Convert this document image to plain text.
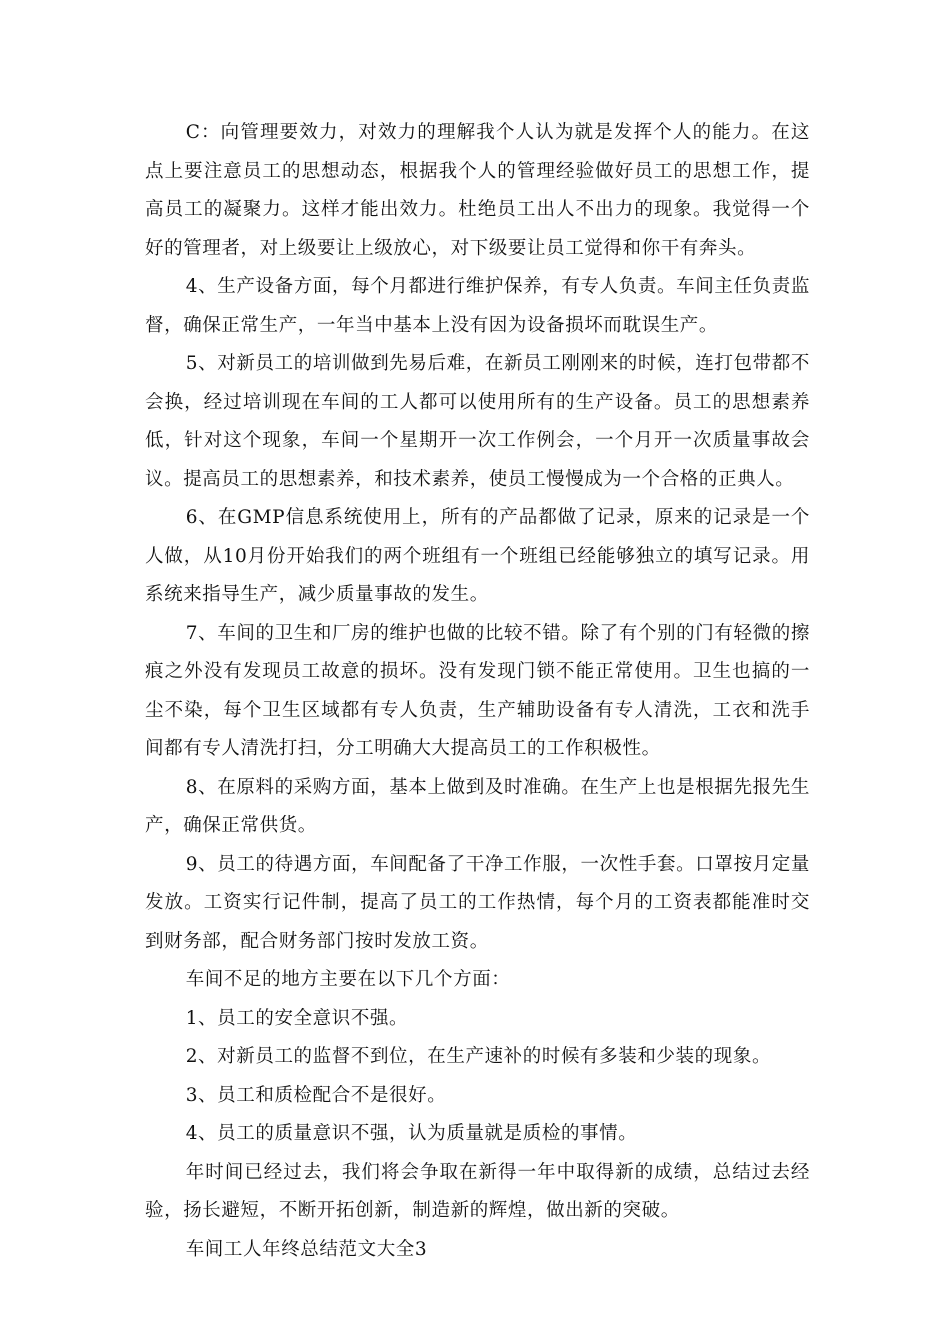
C：向管理要效力，对效力的理解我个人认为就是发挥个人的能力。在这点上要注意员工的思想动态，根据我个人的管理经验做好员工的思想工作，提高员工的凝聚力。这样才能出效力。杜绝员工出人不出力的现象。我觉得一个好的管理者，对上级要让上级放心，对下级要让员工觉得和你干有奔头。

4、生产设备方面，每个月都进行维护保养，有专人负责。车间主任负责监督，确保正常生产，一年当中基本上没有因为设备损坏而耽误生产。

5、对新员工的培训做到先易后难，在新员工刚刚来的时候，连打包带都不会换，经过培训现在车间的工人都可以使用所有的生产设备。员工的思想素养低，针对这个现象，车间一个星期开一次工作例会，一个月开一次质量事故会议。提高员工的思想素养，和技术素养，使员工慢慢成为一个合格的正典人。

6、在GMP信息系统使用上，所有的产品都做了记录，原来的记录是一个人做，从10月份开始我们的两个班组有一个班组已经能够独立的填写记录。用系统来指导生产，减少质量事故的发生。

7、车间的卫生和厂房的维护也做的比较不错。除了有个别的门有轻微的擦痕之外没有发现员工故意的损坏。没有发现门锁不能正常使用。卫生也搞的一尘不染，每个卫生区域都有专人负责，生产辅助设备有专人清洗，工衣和洗手间都有专人清洗打扫，分工明确大大提高员工的工作积极性。

8、在原料的采购方面，基本上做到及时准确。在生产上也是根据先报先生产，确保正常供货。

9、员工的待遇方面，车间配备了干净工作服，一次性手套。口罩按月定量发放。工资实行记件制，提高了员工的工作热情，每个月的工资表都能准时交到财务部，配合财务部门按时发放工资。

车间不足的地方主要在以下几个方面：

1、员工的安全意识不强。

2、对新员工的监督不到位，在生产速补的时候有多装和少装的现象。

3、员工和质检配合不是很好。

4、员工的质量意识不强，认为质量就是质检的事情。

年时间已经过去，我们将会争取在新得一年中取得新的成绩，总结过去经验，扬长避短，不断开拓创新，制造新的辉煌，做出新的突破。

车间工人年终总结范文大全3
